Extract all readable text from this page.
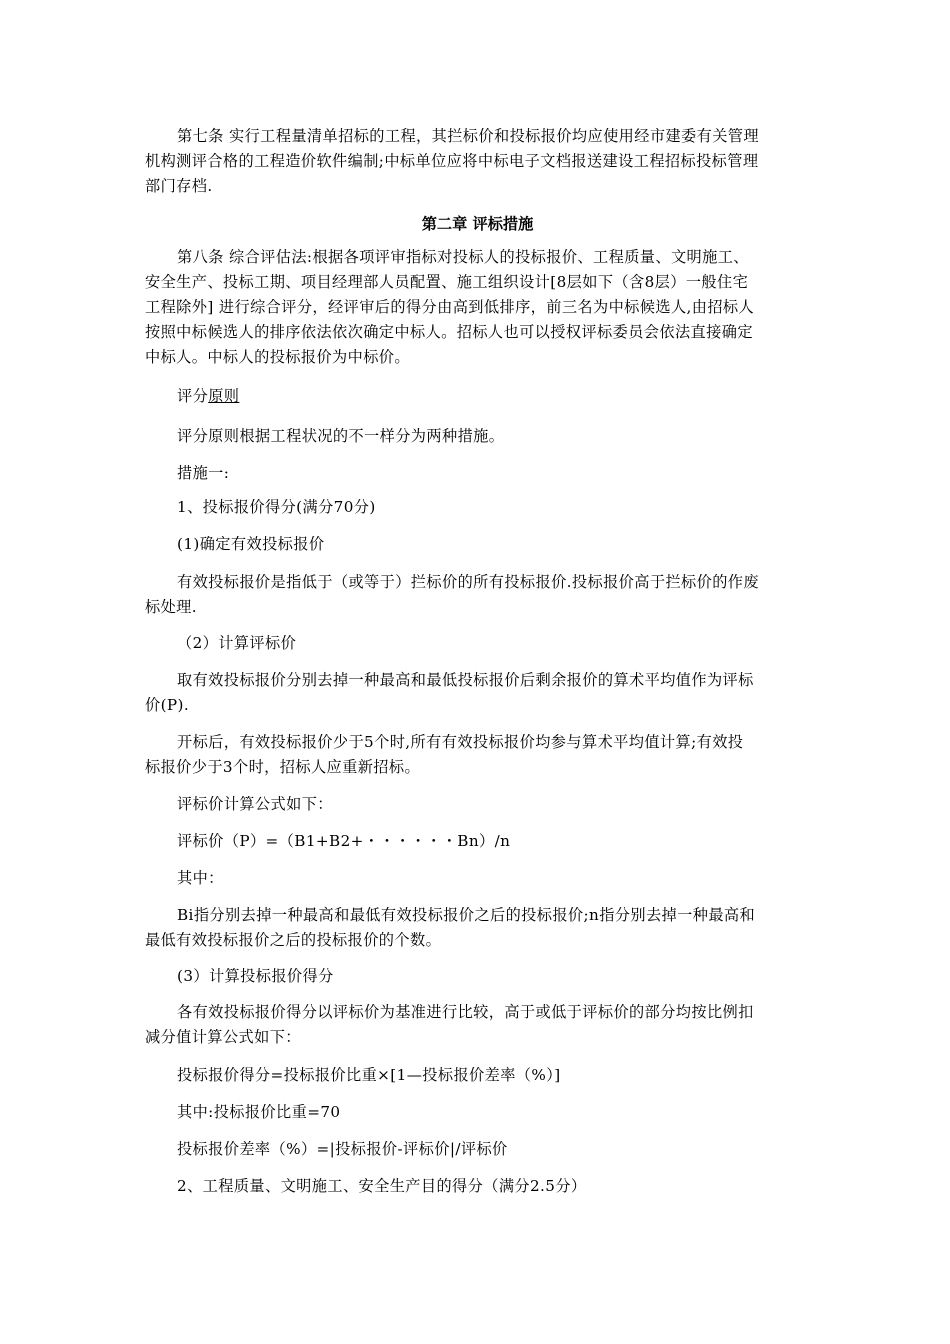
第七条 实行工程量清单招标的工程，其拦标价和投标报价均应使用经市建委有关管理
机构测评合格的工程造价软件编制;中标单位应将中标电子文档报送建设工程招标投标管理
部门存档.
第二章 评标措施
第八条 综合评估法:根据各项评审指标对投标人的投标报价、工程质量、文明施工、
安全生产、投标工期、项目经理部人员配置、施工组织设计[8层如下（含8层）一般住宅
工程除外] 进行综合评分，经评审后的得分由高到低排序，前三名为中标候选人,由招标人
按照中标候选人的排序依法依次确定中标人。招标人也可以授权评标委员会依法直接确定
中标人。中标人的投标报价为中标价。
评分原则
评分原则根据工程状况的不一样分为两种措施。
措施一:
1、投标报价得分(满分70分)
(1)确定有效投标报价
有效投标报价是指低于（或等于）拦标价的所有投标报价.投标报价高于拦标价的作废
标处理.
（2）计算评标价
取有效投标报价分别去掉一种最高和最低投标报价后剩余报价的算术平均值作为评标
价(P).
开标后，有效投标报价少于5个时,所有有效投标报价均参与算术平均值计算;有效投
标报价少于3个时，招标人应重新招标。
评标价计算公式如下：
评标价（P）=（B1+B2+・・・・・・Bn）/n
其中：
Bi指分别去掉一种最高和最低有效投标报价之后的投标报价;n指分别去掉一种最高和
最低有效投标报价之后的投标报价的个数。
(3）计算投标报价得分
各有效投标报价得分以评标价为基准进行比较，高于或低于评标价的部分均按比例扣
减分值计算公式如下：
投标报价得分=投标报价比重×[1—投标报价差率（%）]
其中:投标报价比重=70
投标报价差率（%）=|投标报价-评标价|/评标价
2、工程质量、文明施工、安全生产目的得分（满分2.5分）
